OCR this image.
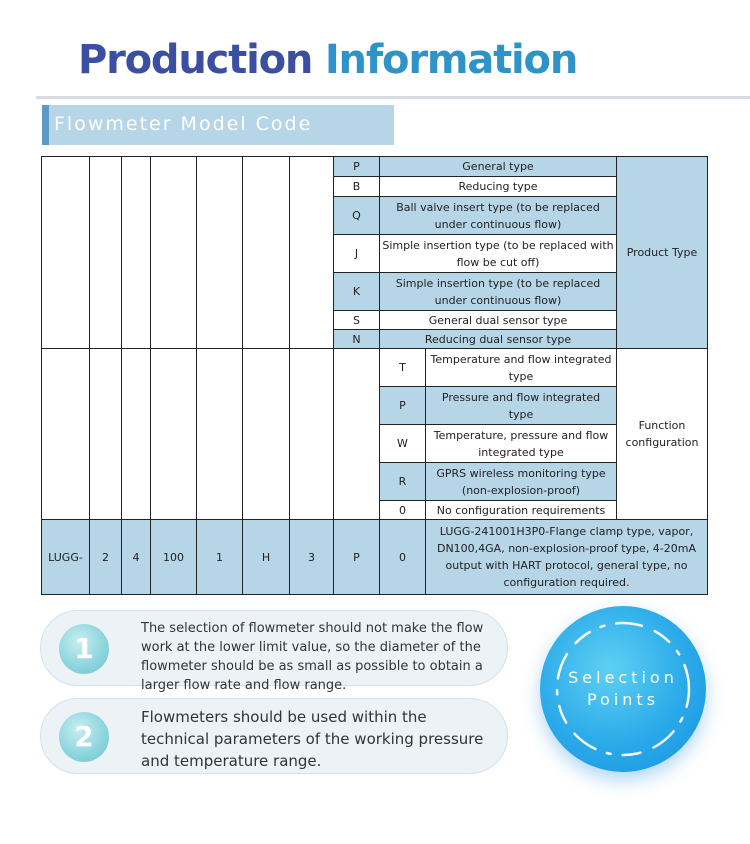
Production Information
Flowmeter Model Code
							P	General type		Product Type
							B	Reducing type		
							Q	Ball valve insert type (to be replaced under continuous flow)		
							J	Simple insertion type (to be replaced with flow be cut off)		
							K	Simple insertion type (to be replaced under continuous flow)		
							S	General dual sensor type		
							N	Reducing dual sensor type		
								T	Temperature and flow integrated type	Function configuration
								P	Pressure and flow integrated type	
								W	Temperature, pressure and flow integrated type	
								R	GPRS wireless monitoring type (non-explosion-proof)	
								0	No configuration requirements	
LUGG-	2	4	100	1	H	3	P	0	LUGG-241001H3P0-Flange clamp type, vapor, DN100,4GA, non-explosion-proof type, 4-20mA output with HART protocol, general type, no configuration required.	
1
The selection of flowmeter should not make the flow work at the lower limit value, so the diameter of the flowmeter should be as small as possible to obtain a larger flow rate and flow range.
2
Flowmeters should be used within the technical parameters of the working pressure and temperature range.
Selection
Points
